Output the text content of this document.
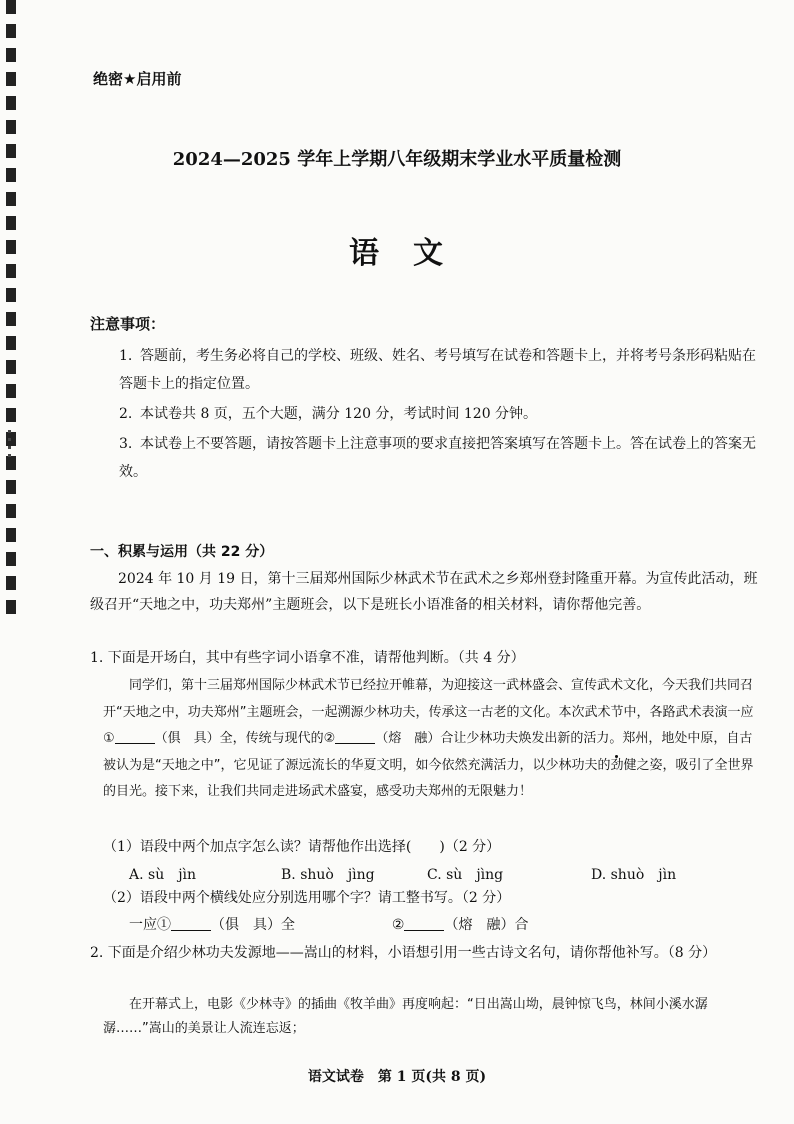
绝密★启用前
2024—2025 学年上学期八年级期末学业水平质量检测
语　文
注意事项：
1. 答题前，考生务必将自己的学校、班级、姓名、考号填写在试卷和答题卡上，并将考号条形码粘贴在答题卡上的指定位置。
2. 本试卷共 8 页，五个大题，满分 120 分，考试时间 120 分钟。
3. 本试卷上不要答题，请按答题卡上注意事项的要求直接把答案填写在答题卡上。答在试卷上的答案无效。
一、积累与运用（共 22 分）

2024 年 10 月 19 日，第十三届郑州国际少林武术节在武术之乡郑州登封隆重开幕。为宣传此活动，班级召开“天地之中，功夫郑州”主题班会，以下是班长小语准备的相关材料，请你帮他完善。

1. 下面是开场白，其中有些字词小语拿不准，请帮他判断。（共 4 分）

同学们，第十三届郑州国际少林武术节已经拉开帷幕，为迎接这一武林盛会、宣传武术文化，今天我们共同召开“天地之中，功夫郑州”主题班会，一起溯源少林功夫，传承这一古老的文化。本次武术节中，各路武术表演一应①	（俱　具）全，传统与现代的②	（熔　融）合让少林功夫焕发出新的活力。郑州，地处中原，自古被认为是“天地之中”，它见证了源远流长的华夏文明，如今依然充满活力，以少林功夫的劲健之姿，吸引了全世界的目光。接下来，让我们共同走进场武术盛宴，感受功夫郑州的无限魅力！

（1）语段中两个加点字怎么读？请帮他作出选择(　　)（2 分）
A. sù　jìn	B. shuò　jìng	C. sù　jìng	D. shuò　jìn
（2）语段中两个横线处应分别选用哪个字？请工整书写。（2 分）
一应①	（俱　具）全	②	（熔　融）合
2. 下面是介绍少林功夫发源地——嵩山的材料，小语想引用一些古诗文名句，请你帮他补写。（8 分）

在开幕式上，电影《少林寺》的插曲《牧羊曲》再度响起：“日出嵩山坳，晨钟惊飞鸟，林间小溪水潺潺……”嵩山的美景让人流连忘返；

语文试卷　第 1 页(共 8 页)
